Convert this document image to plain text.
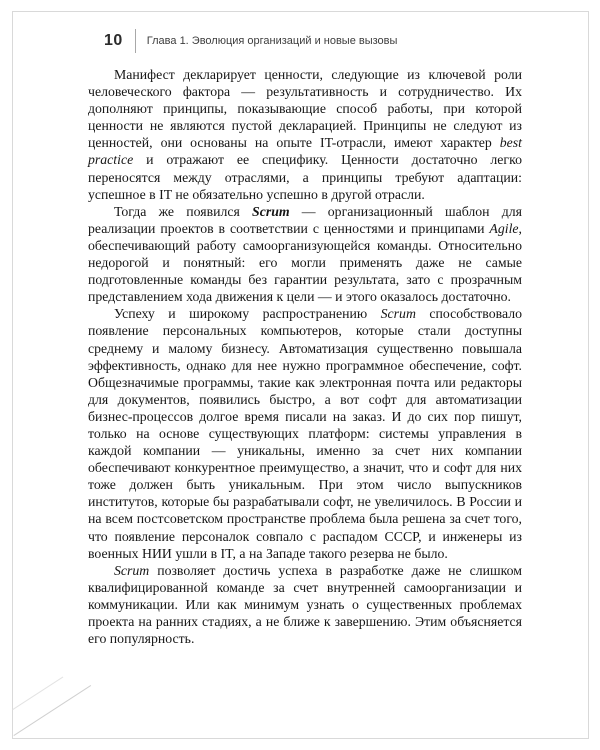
10 Глава 1. Эволюция организаций и новые вызовы

Манифест декларирует ценности, следующие из ключевой роли человеческого фактора — результативность и сотрудничество. Их дополняют принципы, показывающие способ работы, при которой ценности не являются пустой декларацией. Принципы не следуют из ценностей, они основаны на опыте IT-отрасли, имеют характер best practice и отражают ее специфику. Ценности достаточно легко переносятся между отраслями, а принципы требуют адаптации: успешное в IT не обязательно успешно в другой отрасли.

Тогда же появился Scrum — организационный шаблон для реализации проектов в соответствии с ценностями и принципами Agile, обеспечивающий работу самоорганизующейся команды. Относительно недорогой и понятный: его могли применять даже не самые подготовленные команды без гарантии результата, зато с прозрачным представлением хода движения к цели — и этого оказалось достаточно.

Успеху и широкому распространению Scrum способствовало появление персональных компьютеров, которые стали доступны среднему и малому бизнесу. Автоматизация существенно повышала эффективность, однако для нее нужно программное обеспечение, софт. Общезначимые программы, такие как электронная почта или редакторы для документов, появились быстро, а вот софт для автоматизации бизнес-процессов долгое время писали на заказ. И до сих пор пишут, только на основе существующих платформ: системы управления в каждой компании — уникальны, именно за счет них компании обеспечивают конкурентное преимущество, а значит, что и софт для них тоже должен быть уникальным. При этом число выпускников институтов, которые бы разрабатывали софт, не увеличилось. В России и на всем постсоветском пространстве проблема была решена за счет того, что появление персоналок совпало с распадом СССР, и инженеры из военных НИИ ушли в IT, а на Западе такого резерва не было.

Scrum позволяет достичь успеха в разработке даже не слишком квалифицированной команде за счет внутренней самоорганизации и коммуникации. Или как минимум узнать о существенных проблемах проекта на ранних стадиях, а не ближе к завершению. Этим объясняется его популярность.
